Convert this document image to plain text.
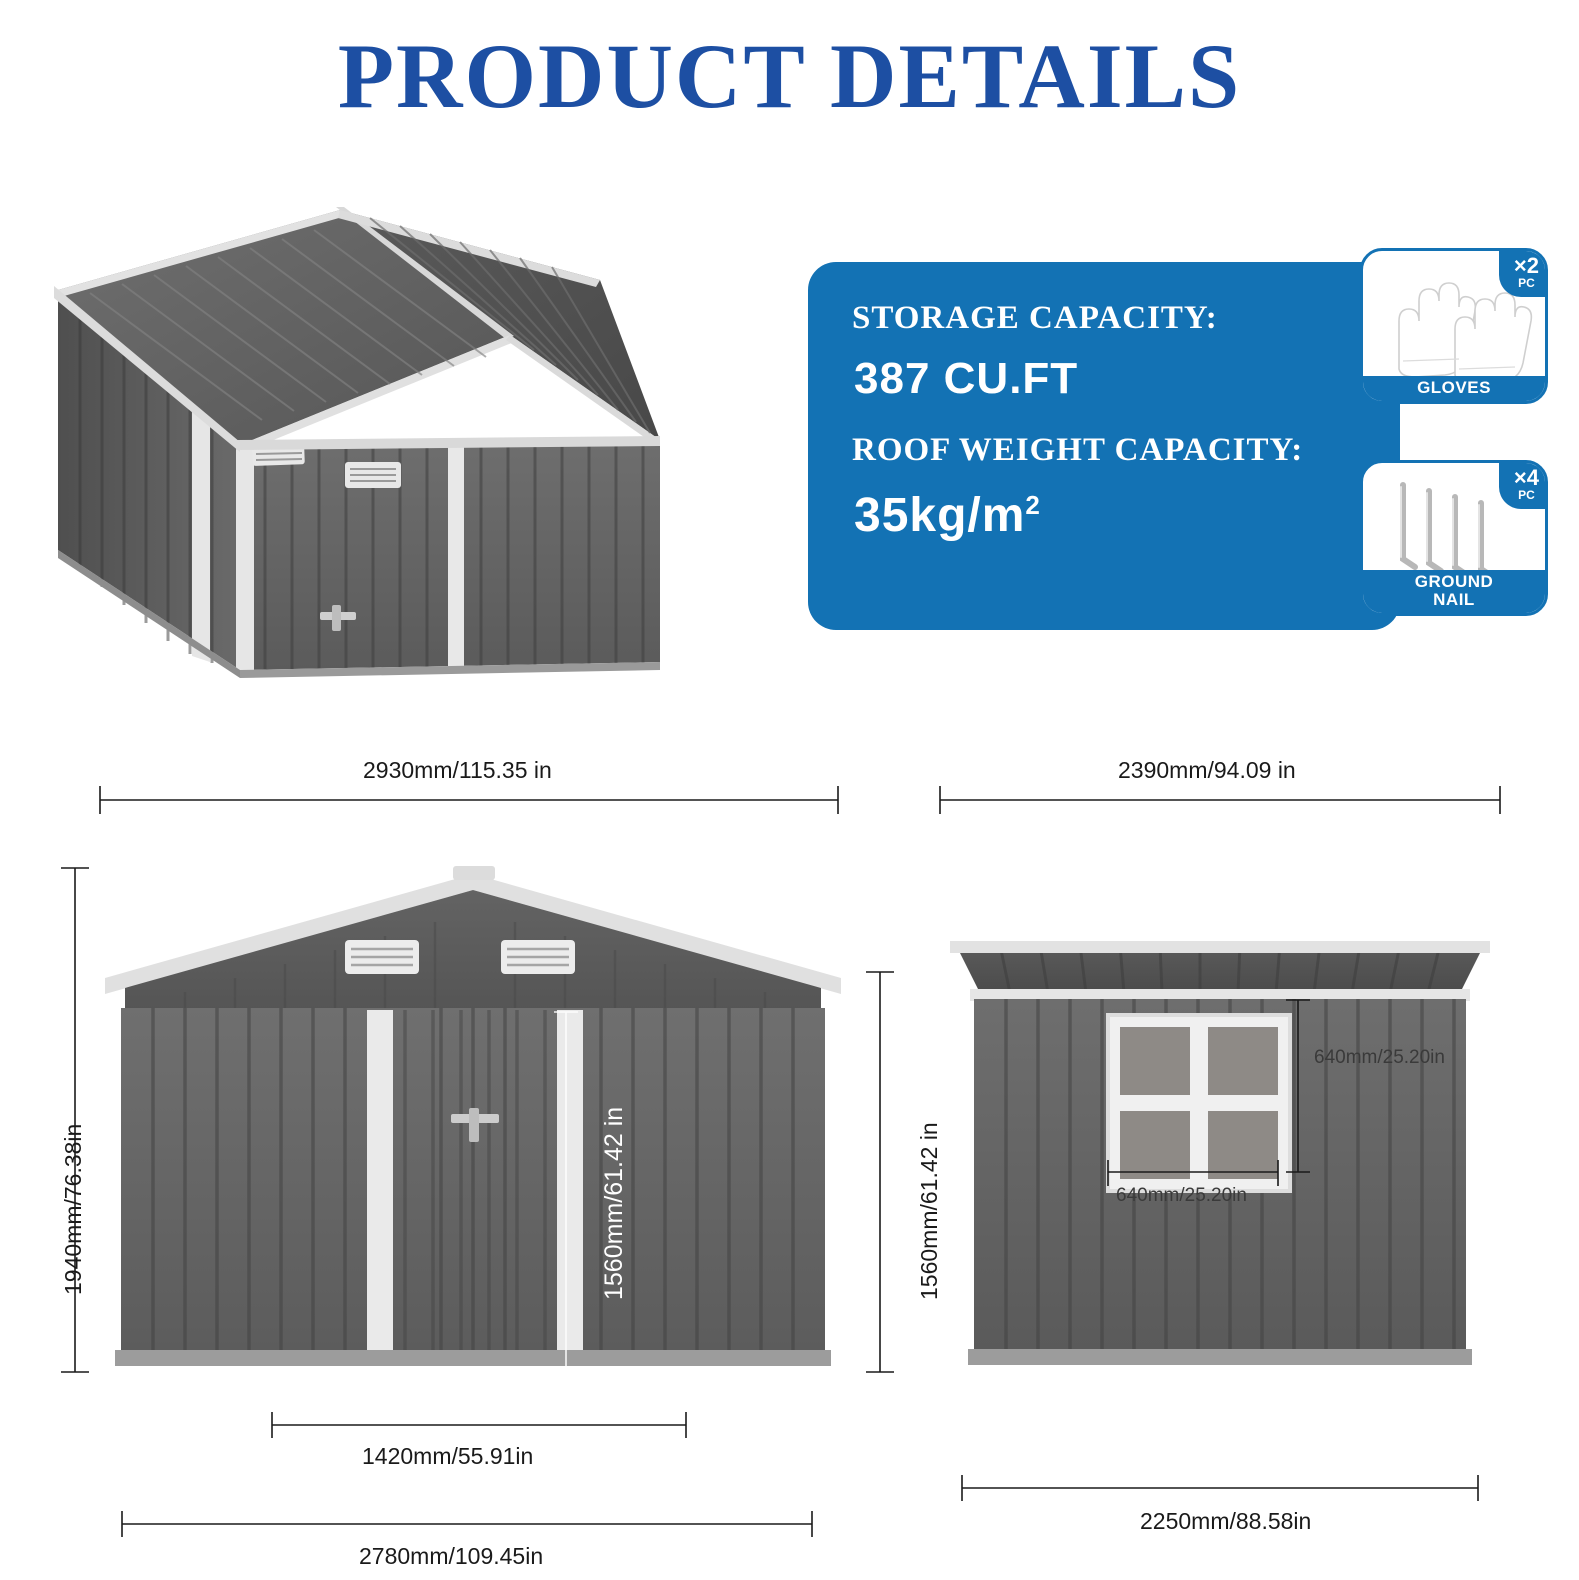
PRODUCT DETAILS
STORAGE CAPACITY:
387 CU.FT
ROOF WEIGHT CAPACITY:
$35kg/m^2$
×2
PC
GLOVES
×4
PC
GROUND
NAIL
2930mm/115.35 in	2390mm/94.09 in
1940mm/76.38in	1560mm/61.42 in
1560mm/61.42 in
1420mm/55.91in
2780mm/109.45in
640mm/25.20in
640mm/25.20in
2250mm/88.58in
